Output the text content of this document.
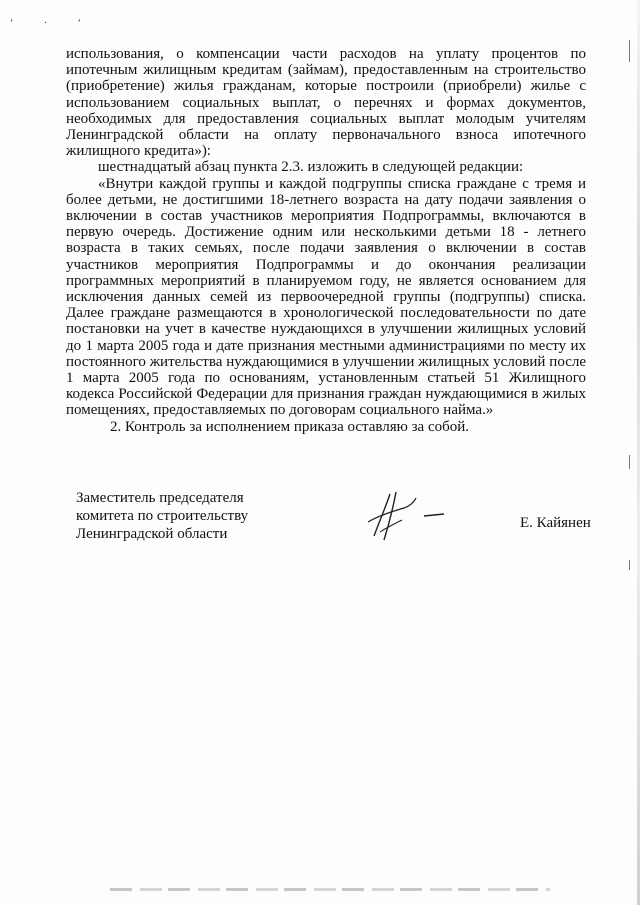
‘ · ‘

использования, о компенсации части расходов на уплату процентов по ипотечным жилищным кредитам (займам), предоставленным на строительство (приобретение) жилья гражданам, которые построили (приобрели) жилье с использованием социальных выплат, о перечнях и формах документов, необходимых для предоставления социальных выплат молодым учителям Ленинградской области на оплату первоначального взноса ипотечного жилищного кредита»):

шестнадцатый абзац пункта 2.3. изложить в следующей редакции:

«Внутри каждой группы и каждой подгруппы списка граждане с тремя и более детьми, не достигшими 18-летнего возраста на дату подачи заявления о включении в состав участников мероприятия Подпрограммы, включаются в первую очередь. Достижение одним или несколькими детьми 18 - летнего возраста в таких семьях, после подачи заявления о включении в состав участников мероприятия Подпрограммы и до окончания реализации программных мероприятий в планируемом году, не является основанием для исключения данных семей из первоочередной группы (подгруппы) списка. Далее граждане размещаются в хронологической последовательности по дате постановки на учет в качестве нуждающихся в улучшении жилищных условий до 1 марта 2005 года и дате признания местными администрациями по месту их постоянного жительства нуждающимися в улучшении жилищных условий после 1 марта 2005 года по основаниям, установленным статьей 51 Жилищного кодекса Российской Федерации для признания граждан нуждающимися в жилых помещениях, предоставляемых по договорам социального найма.»

2. Контроль за исполнением приказа оставляю за собой.

Заместитель председателя
комитета по строительству
Ленинградской области
Е. Кайянен
